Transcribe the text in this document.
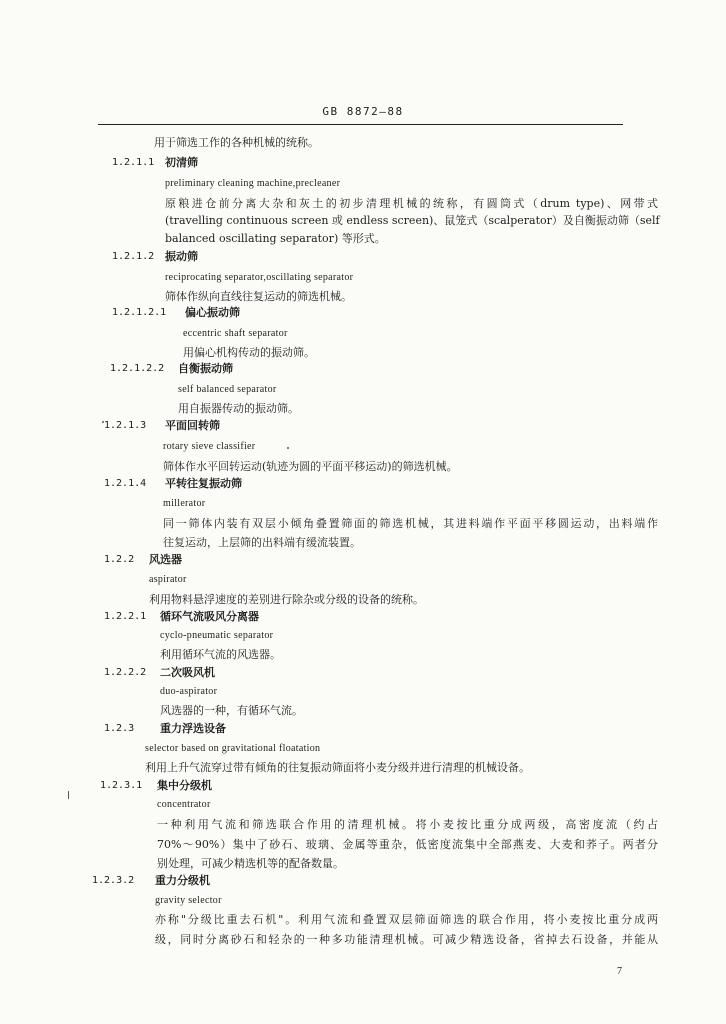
GB 8872—88
用于筛选工作的各种机械的统称。
1.2.1.1 初清筛
preliminary cleaning machine,precleaner
原粮进仓前分离大杂和灰土的初步清理机械的统称，有圆筒式（drum type)、网带式
(travelling continuous screen 或 endless screen)、鼠笼式（scalperator）及自衡振动筛（self
balanced oscillating separator) 等形式。
1.2.1.2 振动筛
reciprocating separator,oscillating separator
筛体作纵向直线往复运动的筛选机械。
1.2.1.2.1 偏心振动筛
eccentric shaft separator
用偏心机构传动的振动筛。
1.2.1.2.2 自衡振动筛
self balanced separator
用自振器传动的振动筛。
1.2.1.3 平面回转筛
rotary sieve classifier
筛体作水平回转运动(轨迹为圆的平面平移运动)的筛选机械。
1.2.1.4 平转往复振动筛
millerator
同一筛体内装有双层小倾角叠置筛面的筛选机械，其进料端作平面平移圆运动，出料端作
往复运动，上层筛的出料端有缓流装置。
1.2.2 风选器
aspirator
利用物料悬浮速度的差别进行除杂或分级的设备的统称。
1.2.2.1 循环气流吸风分离器
cyclo-pneumatic separator
利用循环气流的风选器。
1.2.2.2 二次吸风机
duo-aspirator
风选器的一种，有循环气流。
1.2.3 重力浮选设备
selector based on gravitational floatation
利用上升气流穿过带有倾角的往复振动筛面将小麦分级并进行清理的机械设备。
1.2.3.1 集中分级机
concentrator
一种利用气流和筛选联合作用的清理机械。将小麦按比重分成两级，高密度流（约占
70%～90%）集中了砂石、玻璃、金属等重杂，低密度流集中全部燕麦、大麦和荞子。两者分
别处理，可减少精选机等的配备数量。
1.2.3.2 重力分级机
gravity selector
亦称"分级比重去石机"。利用气流和叠置双层筛面筛选的联合作用，将小麦按比重分成两
级，同时分离砂石和轻杂的一种多功能清理机械。可减少精选设备，省掉去石设备，并能从
7
